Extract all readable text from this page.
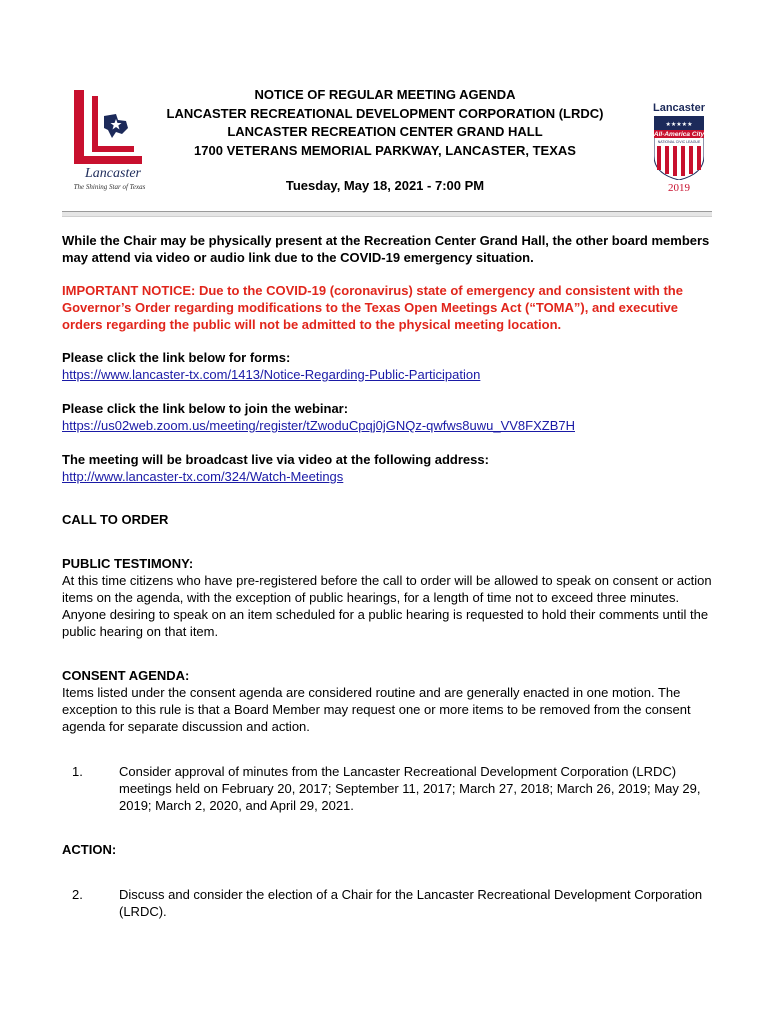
Lancaster
The Shining Star of Texas
Lancaster
★★★★★
All-America City
NATIONAL CIVIC LEAGUE
2019
NOTICE OF REGULAR MEETING AGENDA
LANCASTER RECREATIONAL DEVELOPMENT CORPORATION (LRDC)
LANCASTER RECREATION CENTER GRAND HALL
1700 VETERANS MEMORIAL PARKWAY, LANCASTER, TEXAS
Tuesday, May 18, 2021 - 7:00 PM

While the Chair may be physically present at the Recreation Center Grand Hall, the other board members may attend via video or audio link due to the COVID-19 emergency situation.

IMPORTANT NOTICE: Due to the COVID-19 (coronavirus) state of emergency and consistent with the Governor’s Order regarding modifications to the Texas Open Meetings Act (“TOMA”), and executive orders regarding the public will not be admitted to the physical meeting location.

Please click the link below for forms:

https://www.lancaster-tx.com/1413/Notice-Regarding-Public-Participation

Please click the link below to join the webinar:

https://us02web.zoom.us/meeting/register/tZwoduCpqj0jGNQz-qwfws8uwu_VV8FXZB7H

The meeting will be broadcast live via video at the following address:

http://www.lancaster-tx.com/324/Watch-Meetings

CALL TO ORDER

PUBLIC TESTIMONY:

At this time citizens who have pre-registered before the call to order will be allowed to speak on consent or action items on the agenda, with the exception of public hearings, for a length of time not to exceed three minutes. Anyone desiring to speak on an item scheduled for a public hearing is requested to hold their comments until the public hearing on that item.

CONSENT AGENDA:

Items listed under the consent agenda are considered routine and are generally enacted in one motion. The exception to this rule is that a Board Member may request one or more items to be removed from the consent agenda for separate discussion and action.

1.	Consider approval of minutes from the Lancaster Recreational Development Corporation (LRDC) meetings held on February 20, 2017; September 11, 2017; March 27, 2018; March 26, 2019; May 29, 2019; March 2, 2020, and April 29, 2021.

ACTION:

2.	Discuss and consider the election of a Chair for the Lancaster Recreational Development Corporation (LRDC).
